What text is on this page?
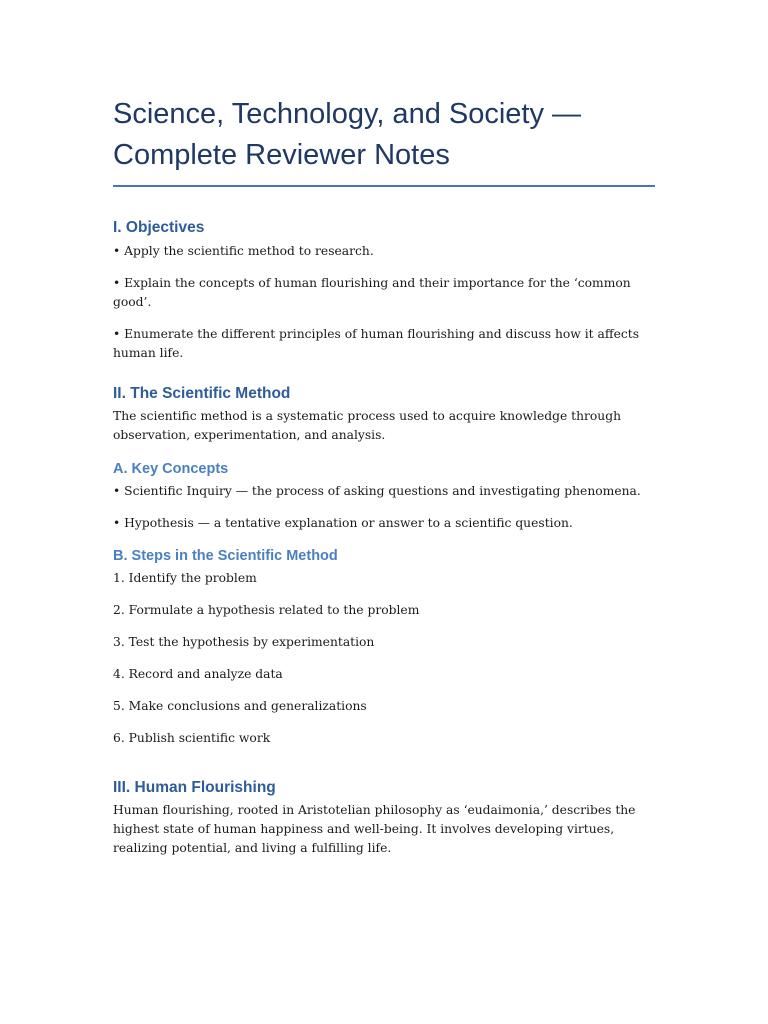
Science, Technology, and Society — Complete Reviewer Notes
I. Objectives

• Apply the scientific method to research.

• Explain the concepts of human flourishing and their importance for the ‘common good’.

• Enumerate the different principles of human flourishing and discuss how it affects human life.

II. The Scientific Method

The scientific method is a systematic process used to acquire knowledge through observation, experimentation, and analysis.

A. Key Concepts

• Scientific Inquiry — the process of asking questions and investigating phenomena.

• Hypothesis — a tentative explanation or answer to a scientific question.

B. Steps in the Scientific Method

1. Identify the problem

2. Formulate a hypothesis related to the problem

3. Test the hypothesis by experimentation

4. Record and analyze data

5. Make conclusions and generalizations

6. Publish scientific work

III. Human Flourishing

Human flourishing, rooted in Aristotelian philosophy as ‘eudaimonia,’ describes the highest state of human happiness and well-being. It involves developing virtues, realizing potential, and living a fulfilling life.
